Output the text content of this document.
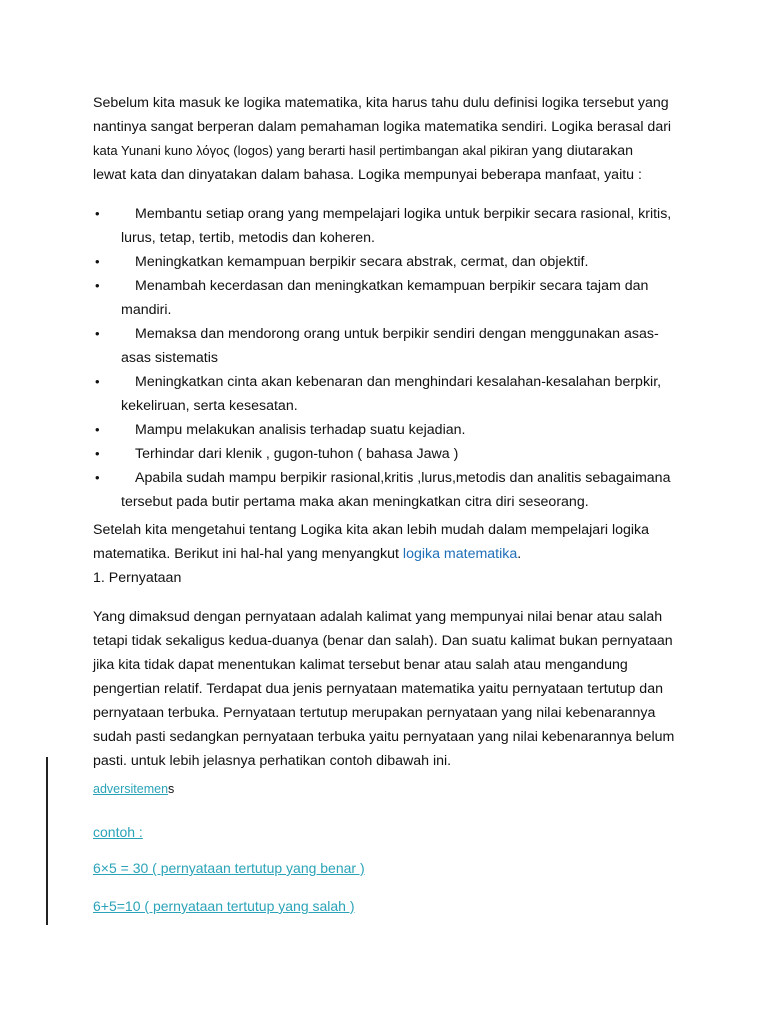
Sebelum kita masuk ke logika matematika, kita harus tahu dulu definisi logika tersebut yang
nantinya sangat berperan dalam pemahaman logika matematika sendiri. Logika berasal dari
kata Yunani kuno λόγος (logos) yang berarti hasil pertimbangan akal pikiran yang diutarakan
lewat kata dan dinyatakan dalam bahasa. Logika mempunyai beberapa manfaat, yaitu :

•	Membantu setiap orang yang mempelajari logika untuk berpikir secara rasional, kritis, lurus, tetap, tertib, metodis dan koheren.
•	Meningkatkan kemampuan berpikir secara abstrak, cermat, dan objektif.
•	Menambah kecerdasan dan meningkatkan kemampuan berpikir secara tajam dan mandiri.
•	Memaksa dan mendorong orang untuk berpikir sendiri dengan menggunakan asas-asas sistematis
•	Meningkatkan cinta akan kebenaran dan menghindari kesalahan-kesalahan berpkir, kekeliruan, serta kesesatan.
•	Mampu melakukan analisis terhadap suatu kejadian.
•	Terhindar dari klenik , gugon-tuhon ( bahasa Jawa )
•	Apabila sudah mampu berpikir rasional,kritis ,lurus,metodis dan analitis sebagaimana tersebut pada butir pertama maka akan meningkatkan citra diri seseorang.

Setelah kita mengetahui tentang Logika kita akan lebih mudah dalam mempelajari logika
matematika. Berikut ini hal-hal yang menyangkut logika matematika.
1. Pernyataan

Yang dimaksud dengan pernyataan adalah kalimat yang mempunyai nilai benar atau salah tetapi tidak sekaligus kedua-duanya (benar dan salah). Dan suatu kalimat bukan pernyataan jika kita tidak dapat menentukan kalimat tersebut benar atau salah atau mengandung pengertian relatif. Terdapat dua jenis pernyataan matematika yaitu pernyataan tertutup dan pernyataan terbuka. Pernyataan tertutup merupakan pernyataan yang nilai kebenarannya sudah pasti sedangkan pernyataan terbuka yaitu pernyataan yang nilai kebenarannya belum pasti. untuk lebih jelasnya perhatikan contoh dibawah ini.

adversitemens
contoh :
6×5 = 30 ( pernyataan tertutup yang benar )
6+5=10 ( pernyataan tertutup yang salah )
